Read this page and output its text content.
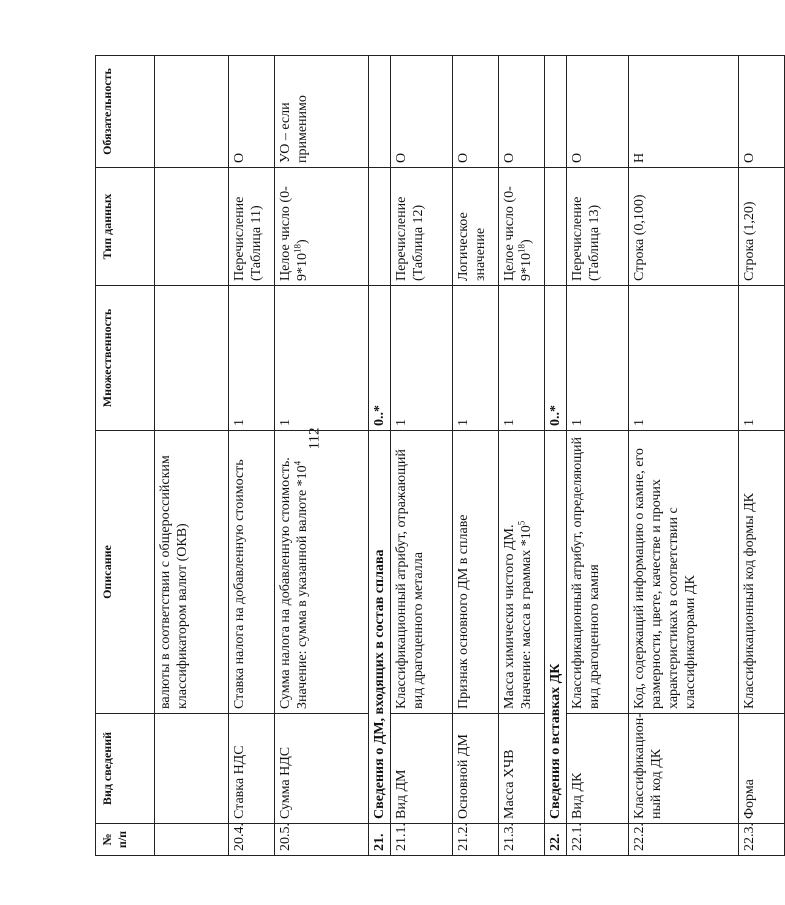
112
№ п/п	Вид сведений	Описание	Множественность	Тип данных	Обязательность
		валюты в соответствии с общероссийским классификатором валют (ОКВ)			
20.4.	Ставка НДС	Ставка налога на добавленную стоимость	1	Перечисление (Таблица 11)	О
20.5.	Сумма НДС	Сумма налога на добавленную стоимость. Значение: сумма в указанной валюте $*10^4$	1	Целое число $(0-9*10^{18})$	УО – если применимо
21.	Сведения о ДМ, входящих в состав сплава		0..*		
21.1.	Вид ДМ	Классификационный атрибут, отражающий вид драгоценного металла	1	Перечисление (Таблица 12)	О
21.2.	Основной ДМ	Признак основного ДМ в сплаве	1	Логическое значение	О
21.3.	Масса ХЧВ	Масса химически чистого ДМ. Значение: масса в граммах $*10^5$	1	Целое число $(0-9*10^{18})$	О
22.	Сведения о вставках ДК		0..*		
22.1.	Вид ДК	Классификационный атрибут, определяющий вид драгоценного камня	1	Перечисление (Таблица 13)	О
22.2.	Классификацион-ный код ДК	Код, содержащий информацию о камне, его размерности, цвете, качестве и прочих характеристиках в соответствии с классификаторами ДК	1	Строка (0,100)	Н
22.3.	Форма	Классификационный код формы ДК	1	Строка (1,20)	О
